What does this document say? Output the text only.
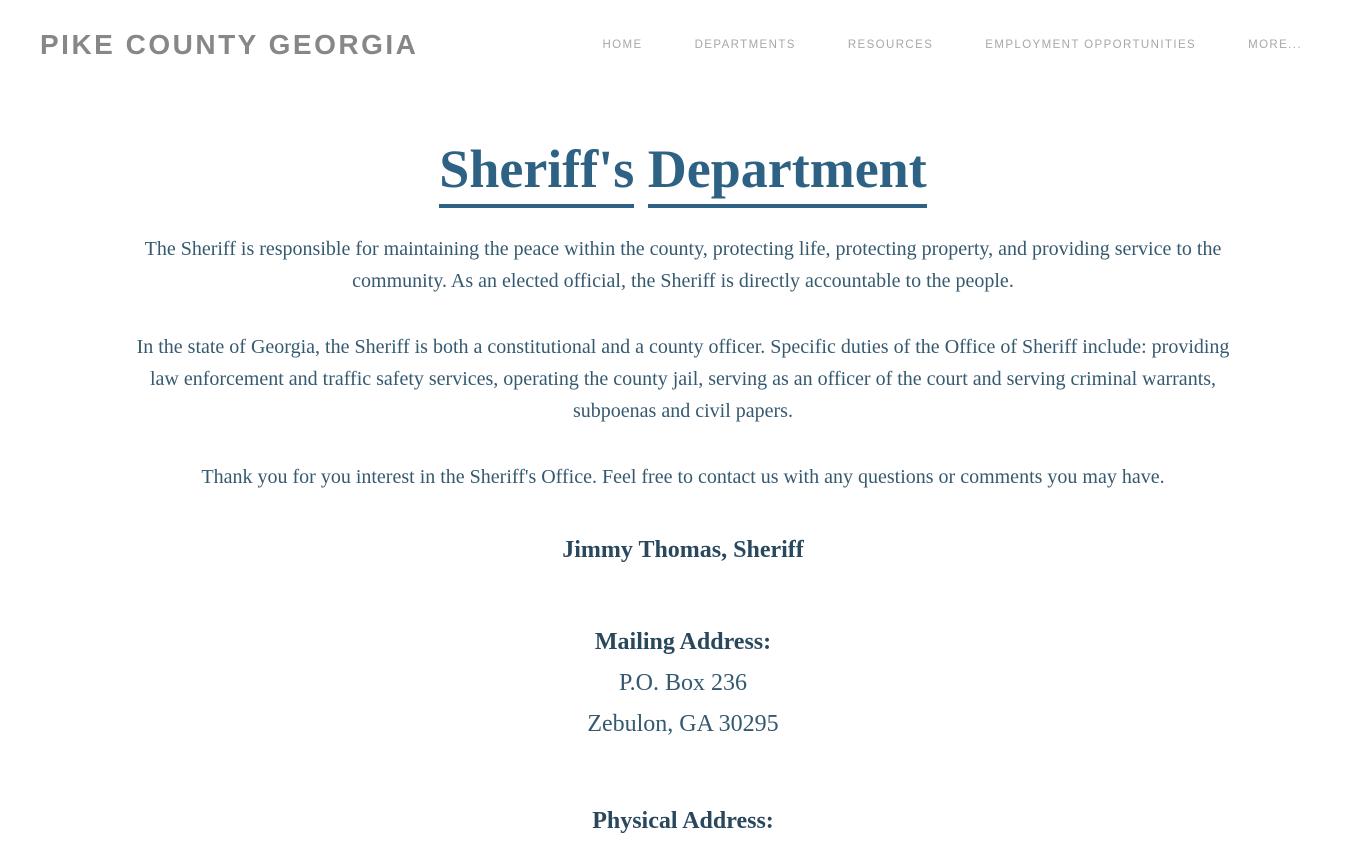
PIKE COUNTY GEORGIA	HOME	DEPARTMENTS	RESOURCES	EMPLOYMENT OPPORTUNITIES	MORE...
Sheriff's Department

The Sheriff is responsible for maintaining the peace within the county, protecting life, protecting property, and providing service to the community. As an elected official, the Sheriff is directly accountable to the people.

In the state of Georgia, the Sheriff is both a constitutional and a county officer. Specific duties of the Office of Sheriff include: providing law enforcement and traffic safety services, operating the county jail, serving as an officer of the court and serving criminal warrants, subpoenas and civil papers.

Thank you for you interest in the Sheriff's Office. Feel free to contact us with any questions or comments you may have.

Jimmy Thomas, Sheriff
Mailing Address:
P.O. Box 236
Zebulon, GA 30295
Physical Address:
